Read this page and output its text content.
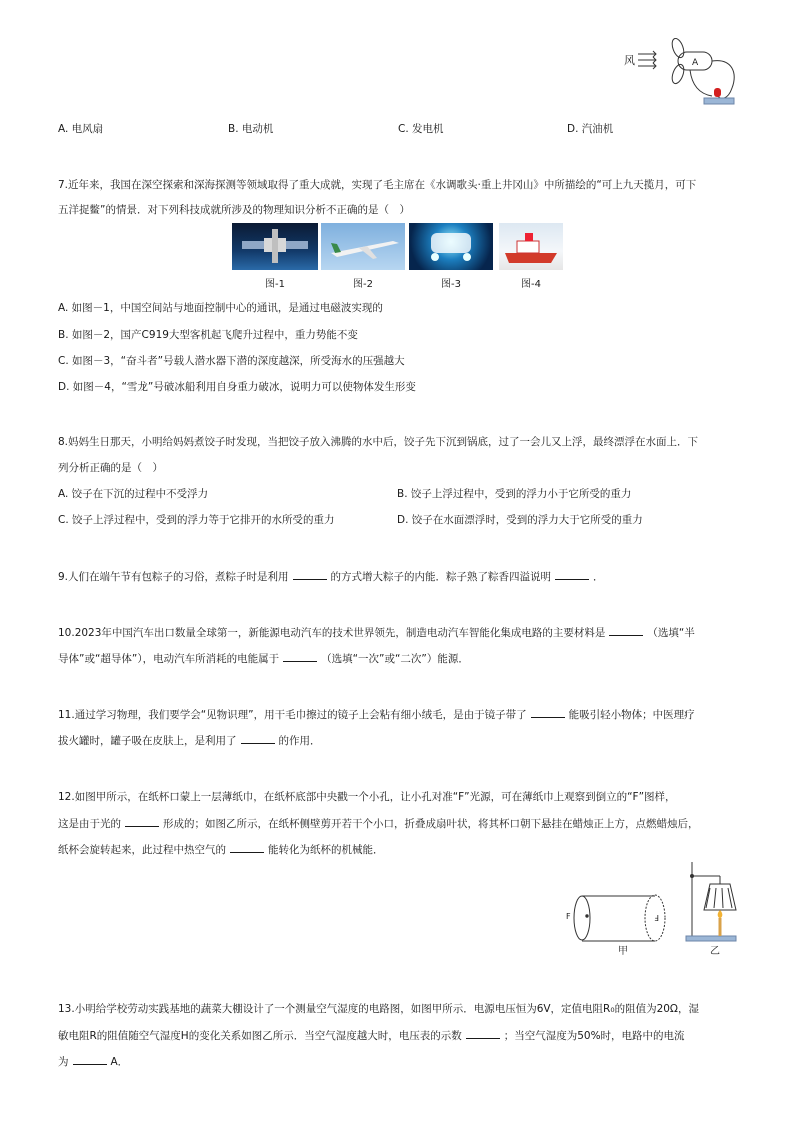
风	A
A. 电风扇	B. 电动机	C. 发电机	D. 汽油机
7.近年来，我国在深空探索和深海探测等领域取得了重大成就，实现了毛主席在《水调歌头·重上井冈山》中所描绘的“可上九天揽月，可下
五洋捉鳖”的情景．对下列科技成就所涉及的物理知识分析不正确的是（　）
图-1	图-2	图-3	图-4
A. 如图－1，中国空间站与地面控制中心的通讯，是通过电磁波实现的
B. 如图－2，国产C919大型客机起飞爬升过程中，重力势能不变
C. 如图－3，“奋斗者”号载人潜水器下潜的深度越深，所受海水的压强越大
D. 如图－4，“雪龙”号破冰船利用自身重力破冰，说明力可以使物体发生形变
8.妈妈生日那天，小明给妈妈煮饺子时发现，当把饺子放入沸腾的水中后，饺子先下沉到锅底，过了一会儿又上浮，最终漂浮在水面上．下
列分析正确的是（　）
A. 饺子在下沉的过程中不受浮力	B. 饺子上浮过程中，受到的浮力小于它所受的重力
C. 饺子上浮过程中，受到的浮力等于它排开的水所受的重力	D. 饺子在水面漂浮时，受到的浮力大于它所受的重力
9.人们在端午节有包粽子的习俗，煮粽子时是利用	的方式增大粽子的内能．粽子熟了粽香四溢说明	．
10.2023年中国汽车出口数量全球第一，新能源电动汽车的技术世界领先，制造电动汽车智能化集成电路的主要材料是	（选填“半
导体”或“超导体”），电动汽车所消耗的电能属于	（选填“一次”或“二次”）能源．
11.通过学习物理，我们要学会“见物识理”，用干毛巾擦过的镜子上会粘有细小绒毛，是由于镜子带了	能吸引轻小物体；中医理疗
拔火罐时，罐子吸在皮肤上，是利用了	的作用．
12.如图甲所示，在纸杯口蒙上一层薄纸巾，在纸杯底部中央戳一个小孔，让小孔对准“F”光源，可在薄纸巾上观察到倒立的“F”图样，
这是由于光的	形成的；如图乙所示，在纸杯侧壁剪开若干个小口，折叠成扇叶状，将其杯口朝下悬挂在蜡烛正上方，点燃蜡烛后，
纸杯会旋转起来，此过程中热空气的	能转化为纸杯的机械能．
F	F
甲	乙
13.小明给学校劳动实践基地的蔬菜大棚设计了一个测量空气湿度的电路图，如图甲所示．电源电压恒为6V，定值电阻R₀的阻值为20Ω，湿
敏电阻R的阻值随空气湿度H的变化关系如图乙所示．当空气湿度越大时，电压表的示数	；当空气湿度为50%时，电路中的电流
为	A．
